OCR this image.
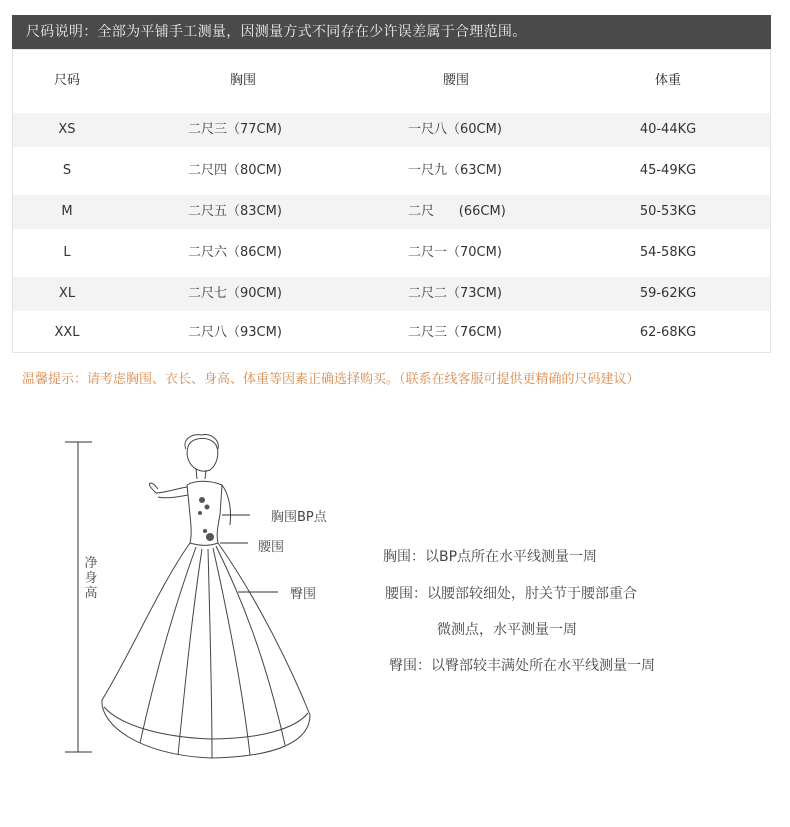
尺码说明：全部为平铺手工测量，因测量方式不同存在少许误差属于合理范围。
尺码	胸围	腰围	体重
XS	二尺三（77CM)	一尺八（60CM)	40-44KG
S	二尺四（80CM)	一尺九（63CM)	45-49KG
M	二尺五（83CM)	二尺      (66CM)	50-53KG
L	二尺六（86CM)	二尺一（70CM)	54-58KG
XL	二尺七（90CM)	二尺二（73CM)	59-62KG
XXL	二尺八（93CM)	二尺三（76CM)	62-68KG
温馨提示：请考虑胸围、衣长、身高、体重等因素正确选择购买。（联系在线客服可提供更精确的尺码建议）
净身高
胸围BP点
腰围
臀围
胸围：以BP点所在水平线测量一周
腰围：以腰部较细处，肘关节于腰部重合
微测点，水平测量一周
臀围：以臀部较丰满处所在水平线测量一周
